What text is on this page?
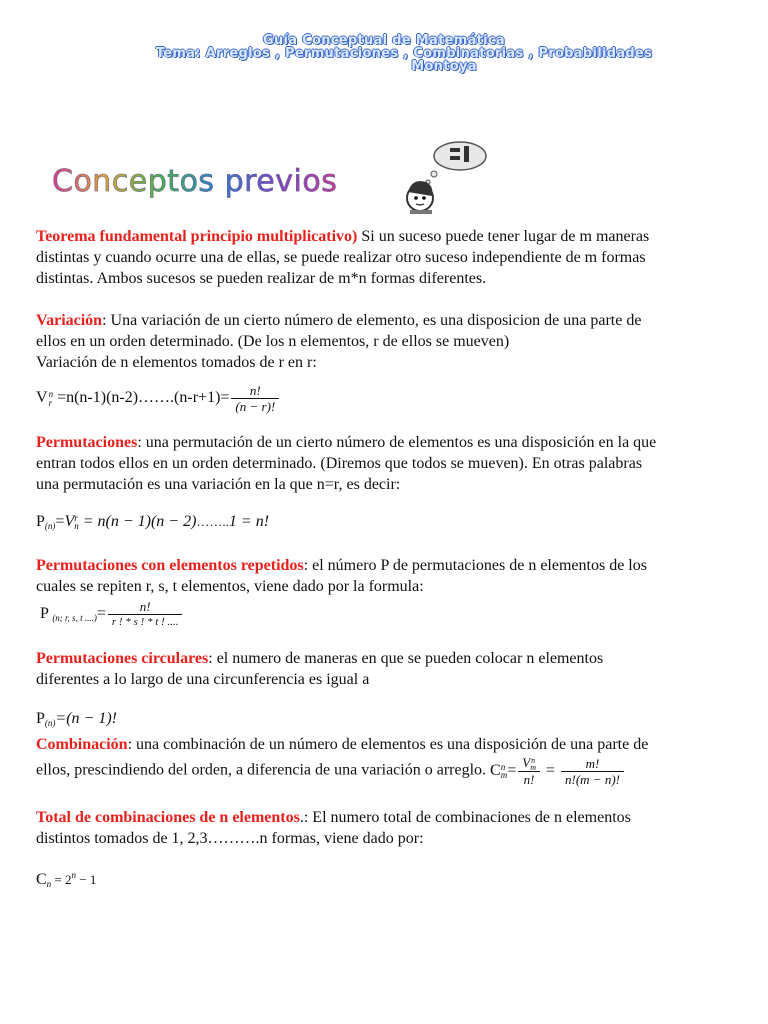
Guía Conceptual de Matemática
Tema: Arreglos , Permutaciones , Combinatorias , Probabilidades
Montoya
Conceptos previos

Teorema fundamental principio multiplicativo) Si un suceso puede tener lugar de m maneras
distintas y cuando ocurre una de ellas, se puede realizar otro suceso independiente de m formas
distintas. Ambos sucesos se pueden realizar de m*n formas diferentes.

Variación: Una variación de un cierto número de elemento, es una disposicion de una parte de
ellos en un orden determinado. (De los n elementos, r de ellos se mueven)
Variación de n elementos tomados de r en r:

V n
r =n(n-1)(n-2)…….(n-r+1)= $\frac{n!}{(n - r)!}$

Permutaciones: una permutación de un cierto número de elementos es una disposición en la que
entran todos ellos en un orden determinado. (Diremos que todos se mueven). En otras palabras
una permutación es una variación en la que n=r, es decir:

$P_{(n)}=V$ r
n = n(n − 1)(n − 2)……..1 = n!

Permutaciones con elementos repetidos: el número P de permutaciones de n elementos de los
cuales se repiten r, s, t elementos, viene dado por la formula:

P $_{(n; r, s, t ....)}= \frac{n!}{r ! * s ! * t ! ....}$

Permutaciones circulares: el numero de maneras en que se pueden colocar n elementos
diferentes a lo largo de una circunferencia es igual a

$P_{(n)}=(n - 1)$!

Combinación: una combinación de un número de elementos es una disposición de una parte de
ellos, prescindiendo del orden, a diferencia de una variación o arreglo. C n
m = V n
m
n! = $\frac{m!}{n!(m - n)!}$

Total de combinaciones de n elementos.: El numero total de combinaciones de n elementos
distintos tomados de 1, 2,3……….n formas, viene dado por:

$C_n = 2^n - 1$
